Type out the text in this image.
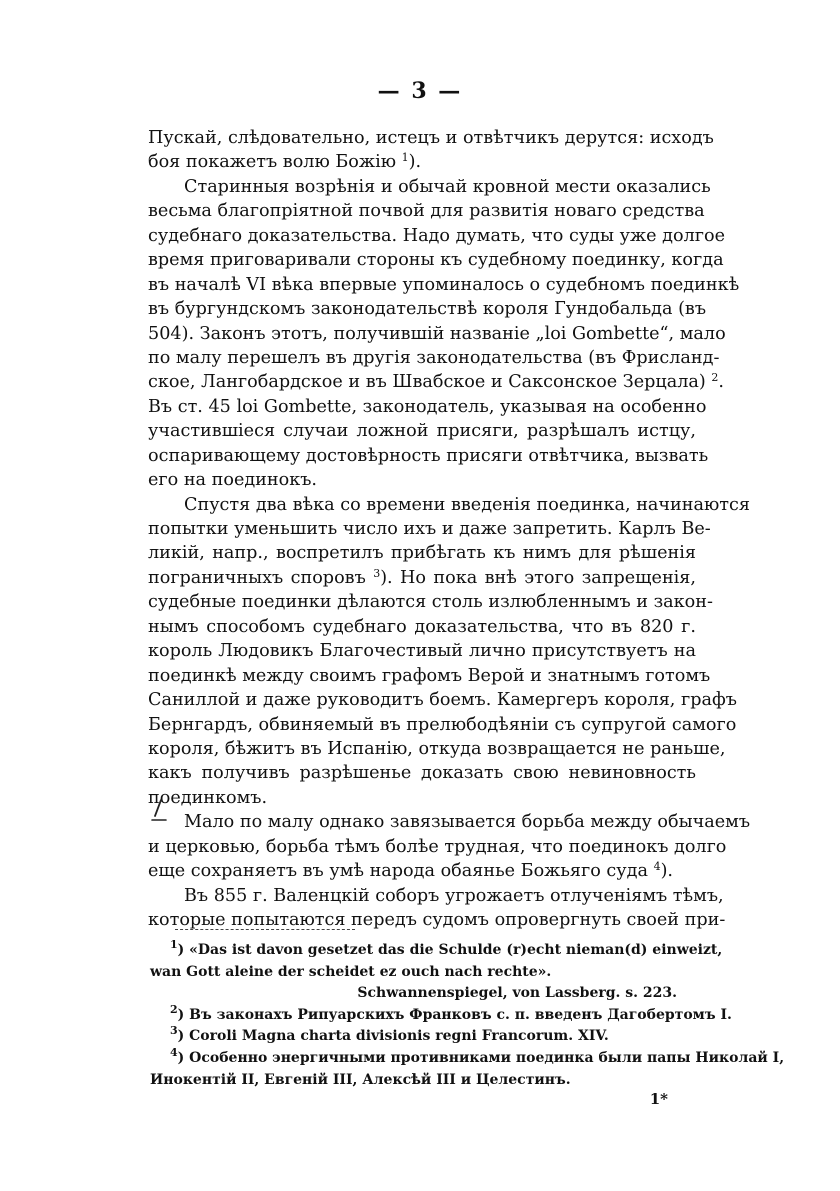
— 3 —
Пускай, слѣдовательно, истецъ и отвѣтчикъ дерутся: исходъ
боя покажетъ волю Божію $^1$).
Старинныя возрѣнія и обычай кровной мести оказались
весьма благопріятной почвой для развитія новаго средства
судебнаго доказательства. Надо думать, что суды уже долгое
время приговаривали стороны къ судебному поединку, когда
въ началѣ VI вѣка впервые упоминалось о судебномъ поединкѣ
въ бургундскомъ законодательствѣ короля Гундобальда (въ
504). Законъ этотъ, получившій названіе „loi Gombette“, мало
по малу перешелъ въ другія законодательства (въ Фрисланд-
ское, Лангобардское и въ Швабское и Саксонское Зерцала) $^2$.
Въ ст. 45 loi Gombette, законодатель, указывая на особенно
участившіеся случаи ложной присяги, разрѣшалъ истцу,
оспаривающему достовѣрность присяги отвѣтчика, вызвать
его на поединокъ.
Спустя два вѣка со времени введенія поединка, начинаются
попытки уменьшить число ихъ и даже запретить. Карлъ Ве-
ликій, напр., воспретилъ прибѣгать къ нимъ для рѣшенія
пограничныхъ споровъ $^3$). Но пока внѣ этого запрещенія,
судебные поединки дѣлаются столь излюбленнымъ и закон-
нымъ способомъ судебнаго доказательства, что въ 820 г.
король Людовикъ Благочестивый лично присутствуетъ на
поединкѣ между своимъ графомъ Верой и знатнымъ готомъ
Саниллой и даже руководитъ боемъ. Камергеръ короля, графъ
Бернгардъ, обвиняемый въ прелюбодѣяніи съ супругой самого
короля, бѣжитъ въ Испанію, откуда возвращается не раньше,
какъ получивъ разрѣшенье доказать свою невиновность
поединкомъ.
Мало по малу однако завязывается борьба между обычаемъ
и церковью, борьба тѣмъ болѣе трудная, что поединокъ долго
еще сохраняетъ въ умѣ народа обаянье Божьяго суда $^4$).
Въ 855 г. Валенцкій соборъ угрожаетъ отлученіямъ тѣмъ,
которые попытаются передъ судомъ опровергнуть своей при-
$^1$) «Das ist davon gesetzet das die Schulde (r)echt nieman(d) einweizt,
wan Gott aleine der scheidet ez ouch nach rechte».
Schwannenspiegel, von Lassberg. s. 223.
$^2$) Въ законахъ Рипуарскихъ Франковъ с. п. введенъ Дагобертомъ I.
$^3$) Coroli Magna charta divisionis regni Francorum. XIV.
$^4$) Особенно энергичными противниками поединка были папы Николай I,
Инокентій II, Евгеній III, Алексѣй III и Целестинъ.
1*
